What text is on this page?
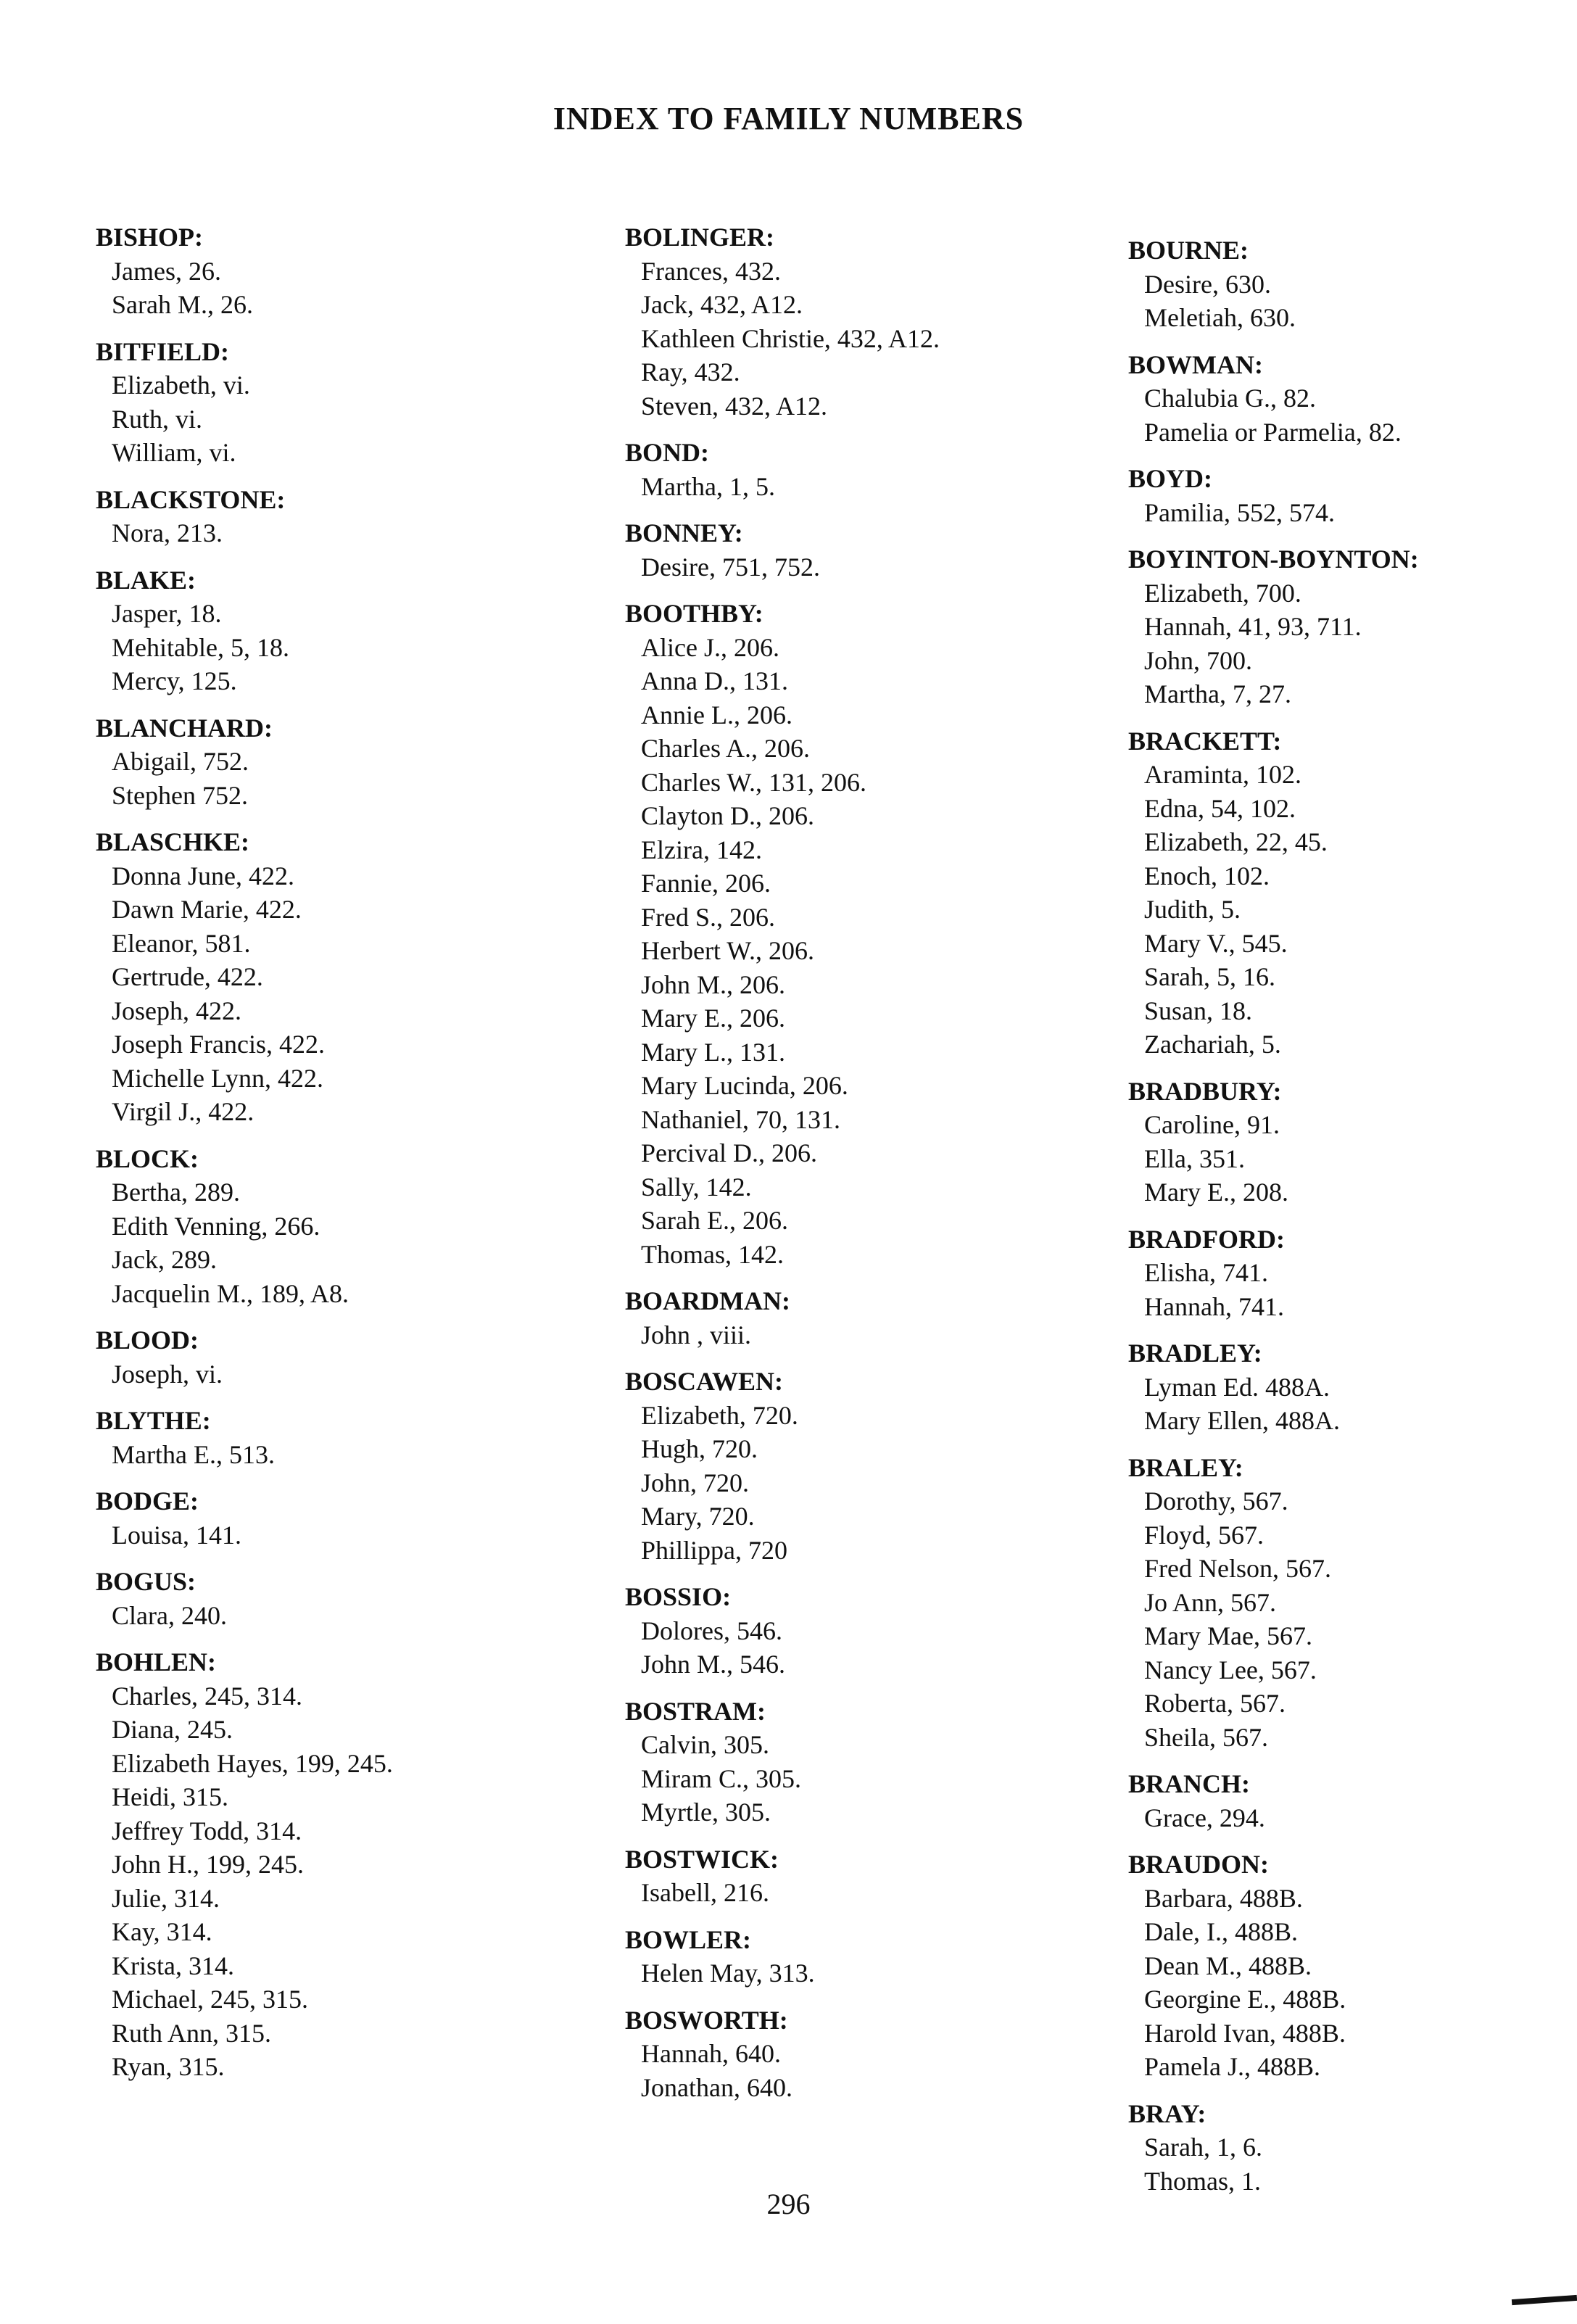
INDEX TO FAMILY NUMBERS
BISHOP:
James, 26.
Sarah M., 26.
BITFIELD:
Elizabeth, vi.
Ruth, vi.
William, vi.
BLACKSTONE:
Nora, 213.
BLAKE:
Jasper, 18.
Mehitable, 5, 18.
Mercy, 125.
BLANCHARD:
Abigail, 752.
Stephen 752.
BLASCHKE:
Donna June, 422.
Dawn Marie, 422.
Eleanor, 581.
Gertrude, 422.
Joseph, 422.
Joseph Francis, 422.
Michelle Lynn, 422.
Virgil J., 422.
BLOCK:
Bertha, 289.
Edith Venning, 266.
Jack, 289.
Jacquelin M., 189, A8.
BLOOD:
Joseph, vi.
BLYTHE:
Martha E., 513.
BODGE:
Louisa, 141.
BOGUS:
Clara, 240.
BOHLEN:
Charles, 245, 314.
Diana, 245.
Elizabeth Hayes, 199, 245.
Heidi, 315.
Jeffrey Todd, 314.
John H., 199, 245.
Julie, 314.
Kay, 314.
Krista, 314.
Michael, 245, 315.
Ruth Ann, 315.
Ryan, 315.
BOLINGER:
Frances, 432.
Jack, 432, A12.
Kathleen Christie, 432, A12.
Ray, 432.
Steven, 432, A12.
BOND:
Martha, 1, 5.
BONNEY:
Desire, 751, 752.
BOOTHBY:
Alice J., 206.
Anna D., 131.
Annie L., 206.
Charles A., 206.
Charles W., 131, 206.
Clayton D., 206.
Elzira, 142.
Fannie, 206.
Fred S., 206.
Herbert W., 206.
John M., 206.
Mary E., 206.
Mary L., 131.
Mary Lucinda, 206.
Nathaniel, 70, 131.
Percival D., 206.
Sally, 142.
Sarah E., 206.
Thomas, 142.
BOARDMAN:
John , viii.
BOSCAWEN:
Elizabeth, 720.
Hugh, 720.
John, 720.
Mary, 720.
Phillippa, 720
BOSSIO:
Dolores, 546.
John M., 546.
BOSTRAM:
Calvin, 305.
Miram C., 305.
Myrtle, 305.
BOSTWICK:
Isabell, 216.
BOWLER:
Helen May, 313.
BOSWORTH:
Hannah, 640.
Jonathan, 640.
BOURNE:
Desire, 630.
Meletiah, 630.
BOWMAN:
Chalubia G., 82.
Pamelia or Parmelia, 82.
BOYD:
Pamilia, 552, 574.
BOYINTON-BOYNTON:
Elizabeth, 700.
Hannah, 41, 93, 711.
John, 700.
Martha, 7, 27.
BRACKETT:
Araminta, 102.
Edna, 54, 102.
Elizabeth, 22, 45.
Enoch, 102.
Judith, 5.
Mary V., 545.
Sarah, 5, 16.
Susan, 18.
Zachariah, 5.
BRADBURY:
Caroline, 91.
Ella, 351.
Mary E., 208.
BRADFORD:
Elisha, 741.
Hannah, 741.
BRADLEY:
Lyman Ed. 488A.
Mary Ellen, 488A.
BRALEY:
Dorothy, 567.
Floyd, 567.
Fred Nelson, 567.
Jo Ann, 567.
Mary Mae, 567.
Nancy Lee, 567.
Roberta, 567.
Sheila, 567.
BRANCH:
Grace, 294.
BRAUDON:
Barbara, 488B.
Dale, I., 488B.
Dean M., 488B.
Georgine E., 488B.
Harold Ivan, 488B.
Pamela J., 488B.
BRAY:
Sarah, 1, 6.
Thomas, 1.
296
